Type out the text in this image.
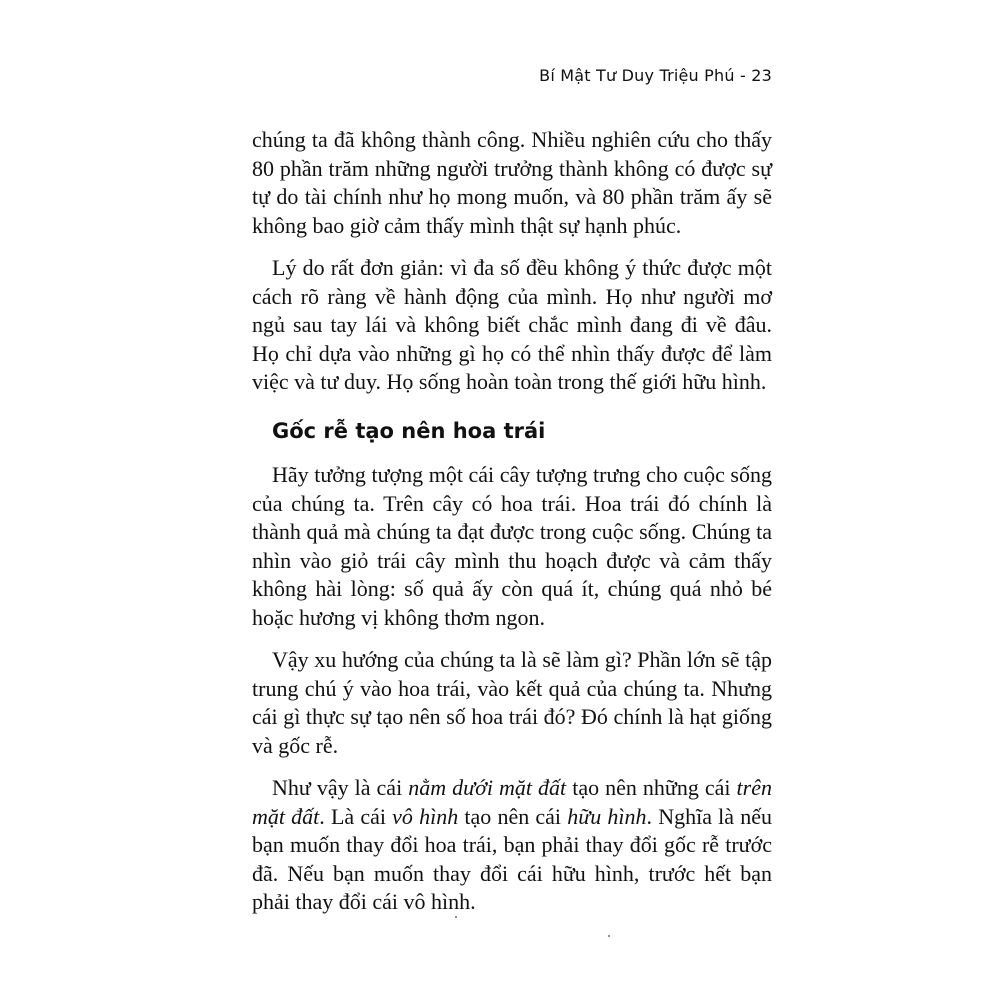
Bí Mật Tư Duy Triệu Phú - 23

chúng ta đã không thành công. Nhiều nghiên cứu cho thấy 80 phần trăm những người trưởng thành không có được sự tự do tài chính như họ mong muốn, và 80 phần trăm ấy sẽ không bao giờ cảm thấy mình thật sự hạnh phúc.

Lý do rất đơn giản: vì đa số đều không ý thức được một cách rõ ràng về hành động của mình. Họ như người mơ ngủ sau tay lái và không biết chắc mình đang đi về đâu. Họ chỉ dựa vào những gì họ có thể nhìn thấy được để làm việc và tư duy. Họ sống hoàn toàn trong thế giới hữu hình.

Gốc rễ tạo nên hoa trái

Hãy tưởng tượng một cái cây tượng trưng cho cuộc sống của chúng ta. Trên cây có hoa trái. Hoa trái đó chính là thành quả mà chúng ta đạt được trong cuộc sống. Chúng ta nhìn vào giỏ trái cây mình thu hoạch được và cảm thấy không hài lòng: số quả ấy còn quá ít, chúng quá nhỏ bé hoặc hương vị không thơm ngon.

Vậy xu hướng của chúng ta là sẽ làm gì? Phần lớn sẽ tập trung chú ý vào hoa trái, vào kết quả của chúng ta. Nhưng cái gì thực sự tạo nên số hoa trái đó? Đó chính là hạt giống và gốc rễ.

Như vậy là cái nằm dưới mặt đất tạo nên những cái trên mặt đất. Là cái vô hình tạo nên cái hữu hình. Nghĩa là nếu bạn muốn thay đổi hoa trái, bạn phải thay đổi gốc rễ trước đã. Nếu bạn muốn thay đổi cái hữu hình, trước hết bạn phải thay đổi cái vô hình.
